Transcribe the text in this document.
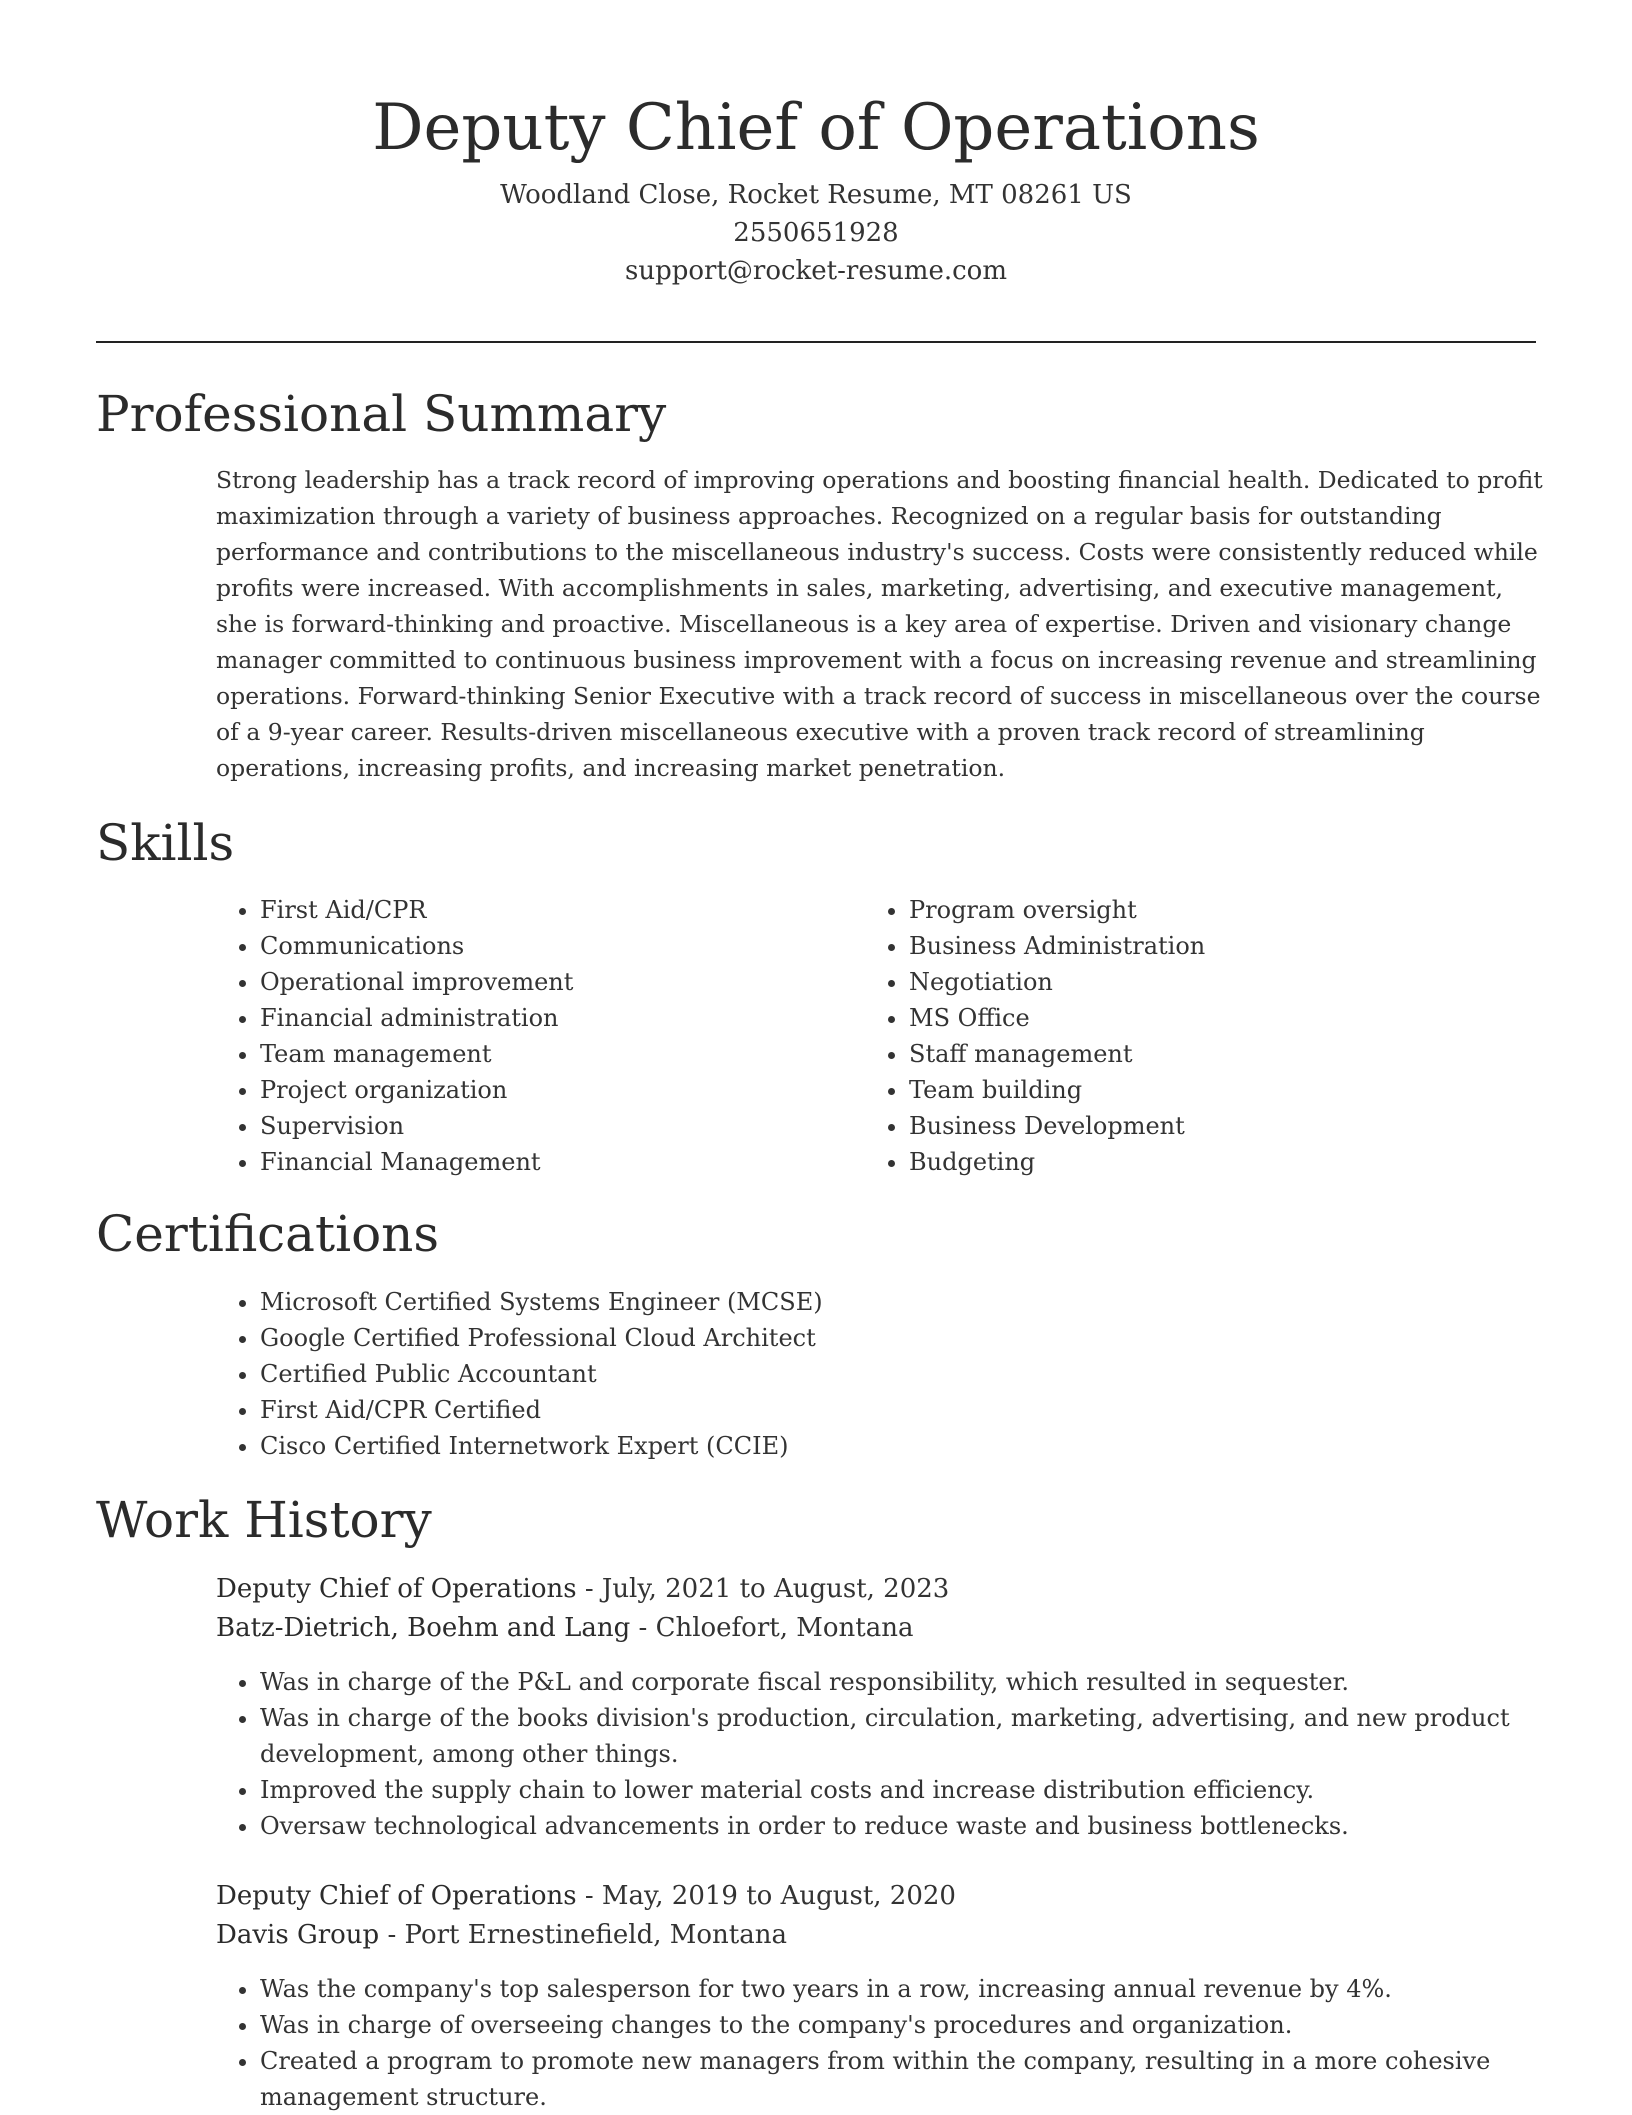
Deputy Chief of Operations
Woodland Close, Rocket Resume, MT 08261 US
2550651928
support@rocket-resume.com
Professional Summary

Strong leadership has a track record of improving operations and boosting financial health. Dedicated to profit maximization through a variety of business approaches. Recognized on a regular basis for outstanding performance and contributions to the miscellaneous industry's success. Costs were consistently reduced while profits were increased. With accomplishments in sales, marketing, advertising, and executive management, she is forward-thinking and proactive. Miscellaneous is a key area of expertise. Driven and visionary change manager committed to continuous business improvement with a focus on increasing revenue and streamlining operations. Forward-thinking Senior Executive with a track record of success in miscellaneous over the course of a 9-year career. Results-driven miscellaneous executive with a proven track record of streamlining operations, increasing profits, and increasing market penetration.

Skills
• First Aid/CPR
• Communications
• Operational improvement
• Financial administration
• Team management
• Project organization
• Supervision
• Financial Management
• Program oversight
• Business Administration
• Negotiation
• MS Office
• Staff management
• Team building
• Business Development
• Budgeting
Certifications
• Microsoft Certified Systems Engineer (MCSE)
• Google Certified Professional Cloud Architect
• Certified Public Accountant
• First Aid/CPR Certified
• Cisco Certified Internetwork Expert (CCIE)
Work History
Deputy Chief of Operations - July, 2021 to August, 2023
Batz-Dietrich, Boehm and Lang - Chloefort, Montana
• Was in charge of the P&L and corporate fiscal responsibility, which resulted in sequester.
• Was in charge of the books division's production, circulation, marketing, advertising, and new product development, among other things.
• Improved the supply chain to lower material costs and increase distribution efficiency.
• Oversaw technological advancements in order to reduce waste and business bottlenecks.
Deputy Chief of Operations - May, 2019 to August, 2020
Davis Group - Port Ernestinefield, Montana
• Was the company's top salesperson for two years in a row, increasing annual revenue by 4%.
• Was in charge of overseeing changes to the company's procedures and organization.
• Created a program to promote new managers from within the company, resulting in a more cohesive management structure.
